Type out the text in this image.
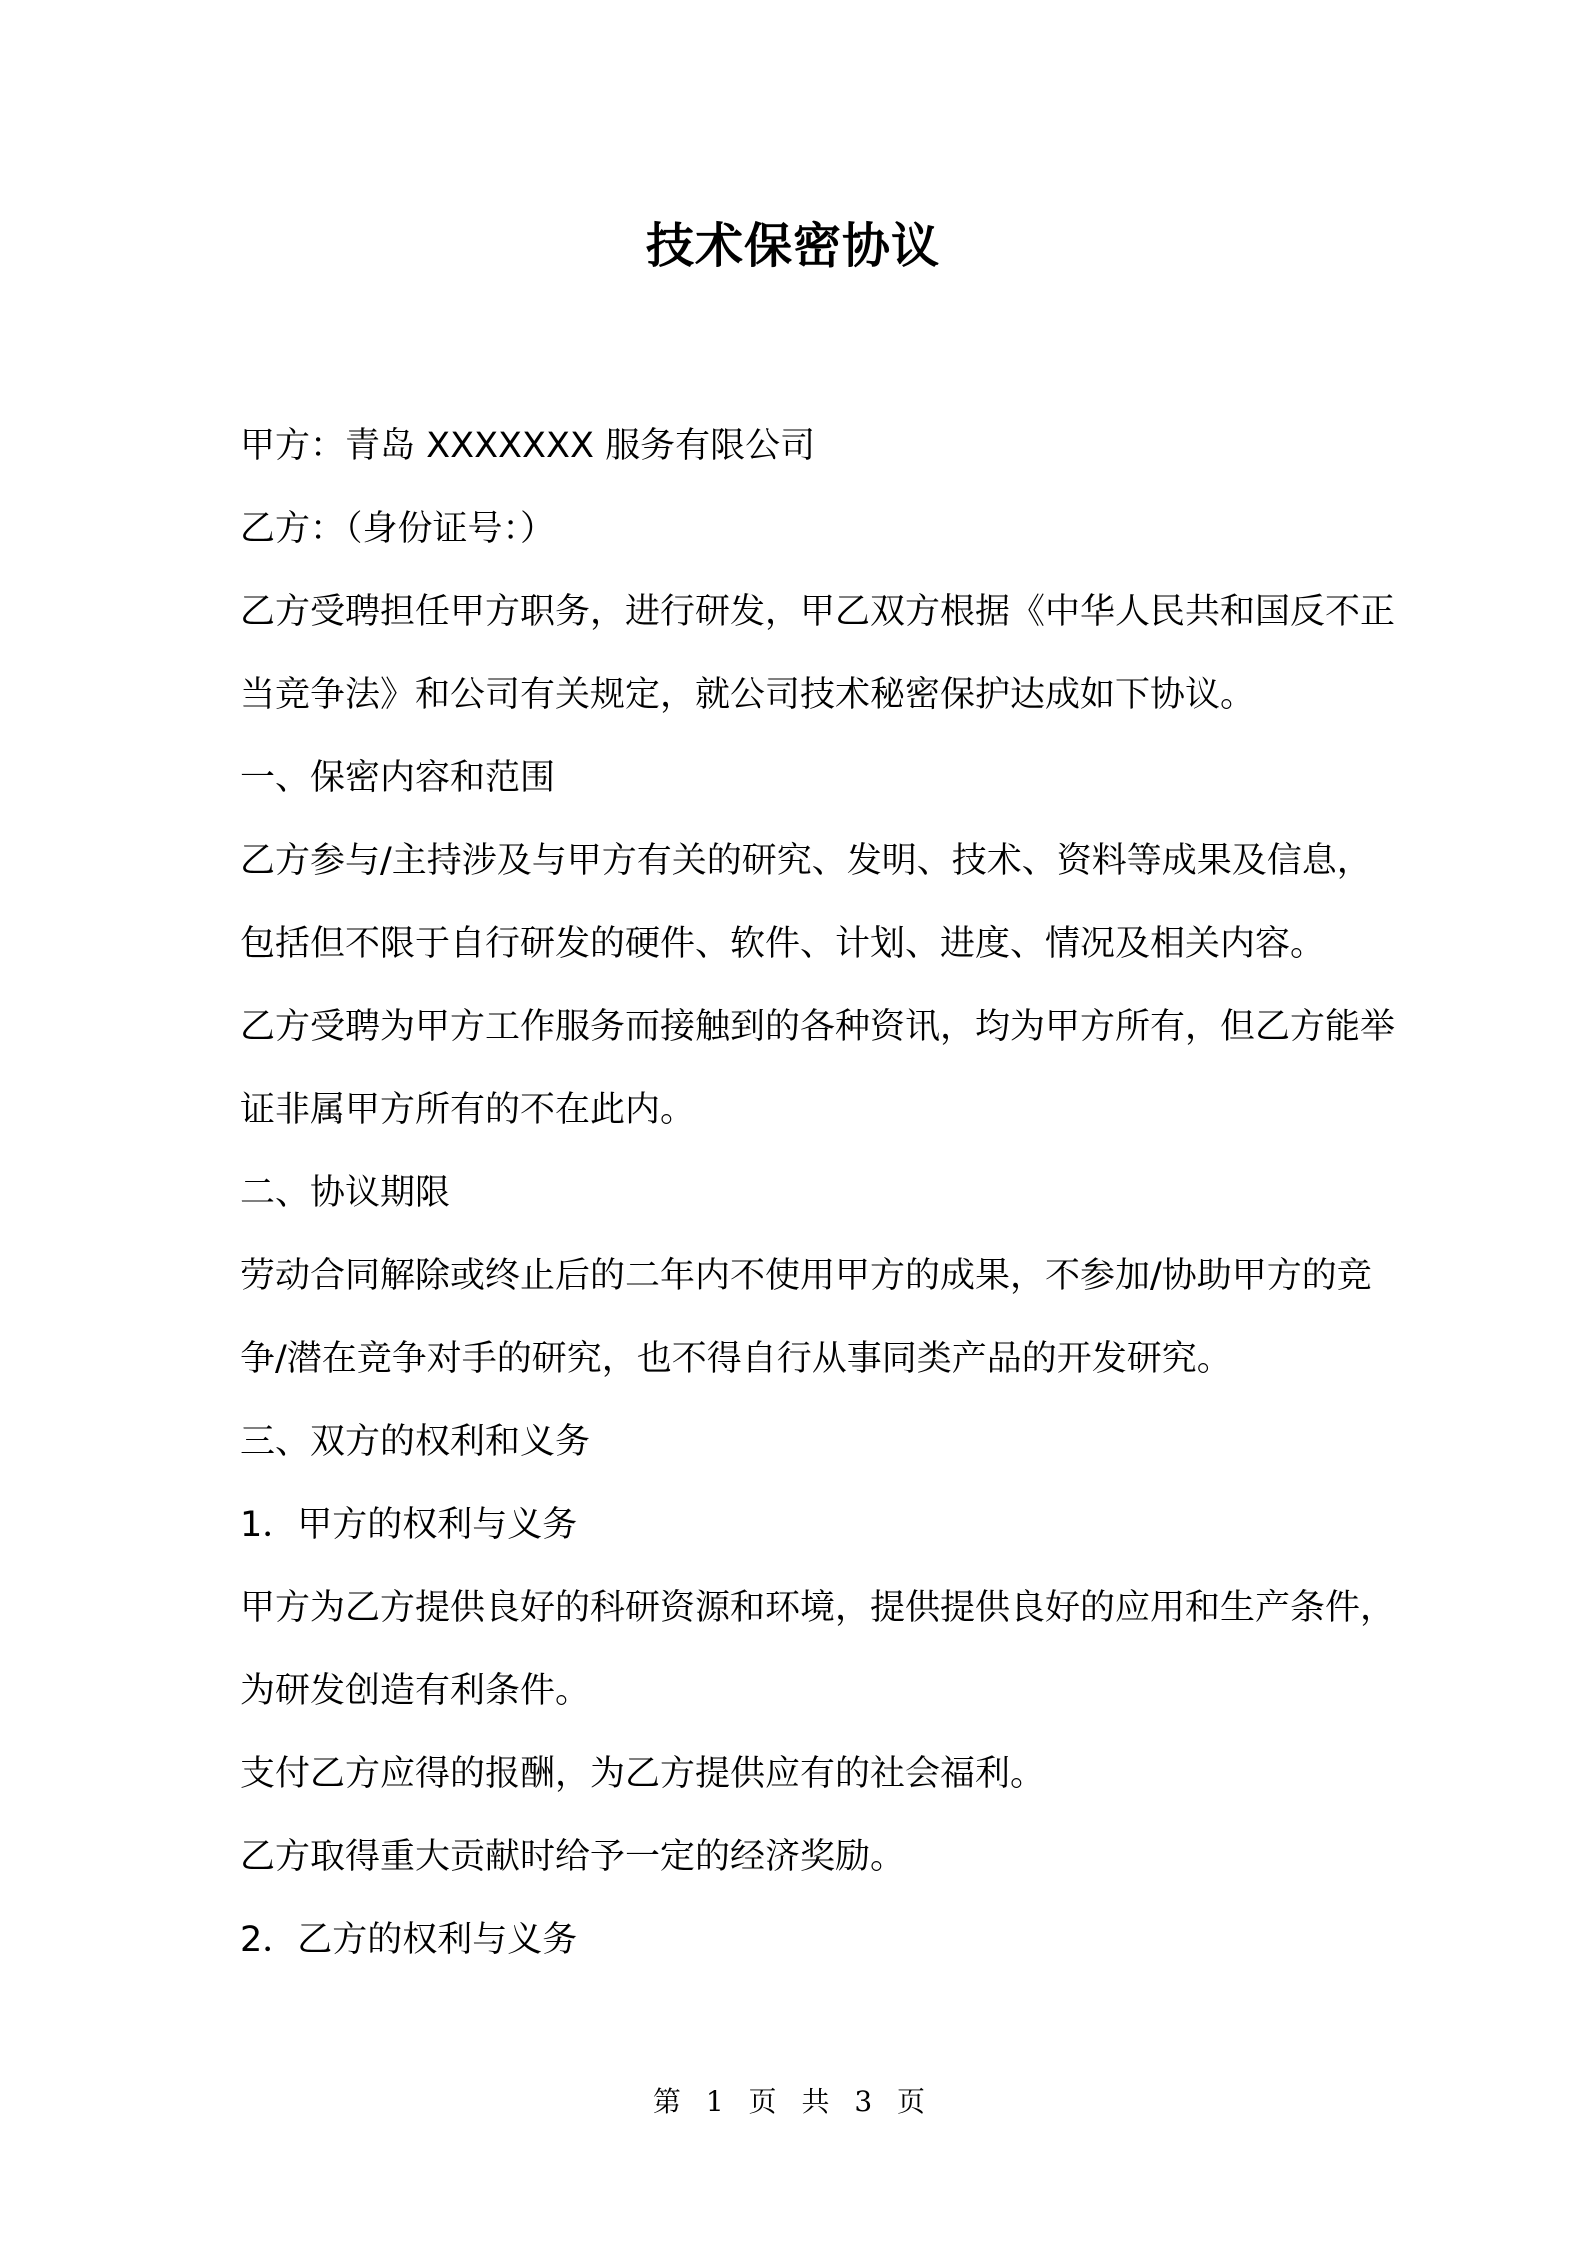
技术保密协议
甲方：青岛 XXXXXXX 服务有限公司
乙方：（身份证号：）
乙方受聘担任甲方职务，进行研发，甲乙双方根据《中华人民共和国反不正
当竞争法》和公司有关规定，就公司技术秘密保护达成如下协议。
一、保密内容和范围
乙方参与/主持涉及与甲方有关的研究、发明、技术、资料等成果及信息，
包括但不限于自行研发的硬件、软件、计划、进度、情况及相关内容。
乙方受聘为甲方工作服务而接触到的各种资讯，均为甲方所有，但乙方能举
证非属甲方所有的不在此内。
二、协议期限
劳动合同解除或终止后的二年内不使用甲方的成果，不参加/协助甲方的竞
争/潜在竞争对手的研究，也不得自行从事同类产品的开发研究。
三、双方的权利和义务
1．甲方的权利与义务
甲方为乙方提供良好的科研资源和环境，提供提供良好的应用和生产条件，
为研发创造有利条件。
支付乙方应得的报酬，为乙方提供应有的社会福利。
乙方取得重大贡献时给予一定的经济奖励。
2．乙方的权利与义务
第 1 页 共 3 页
